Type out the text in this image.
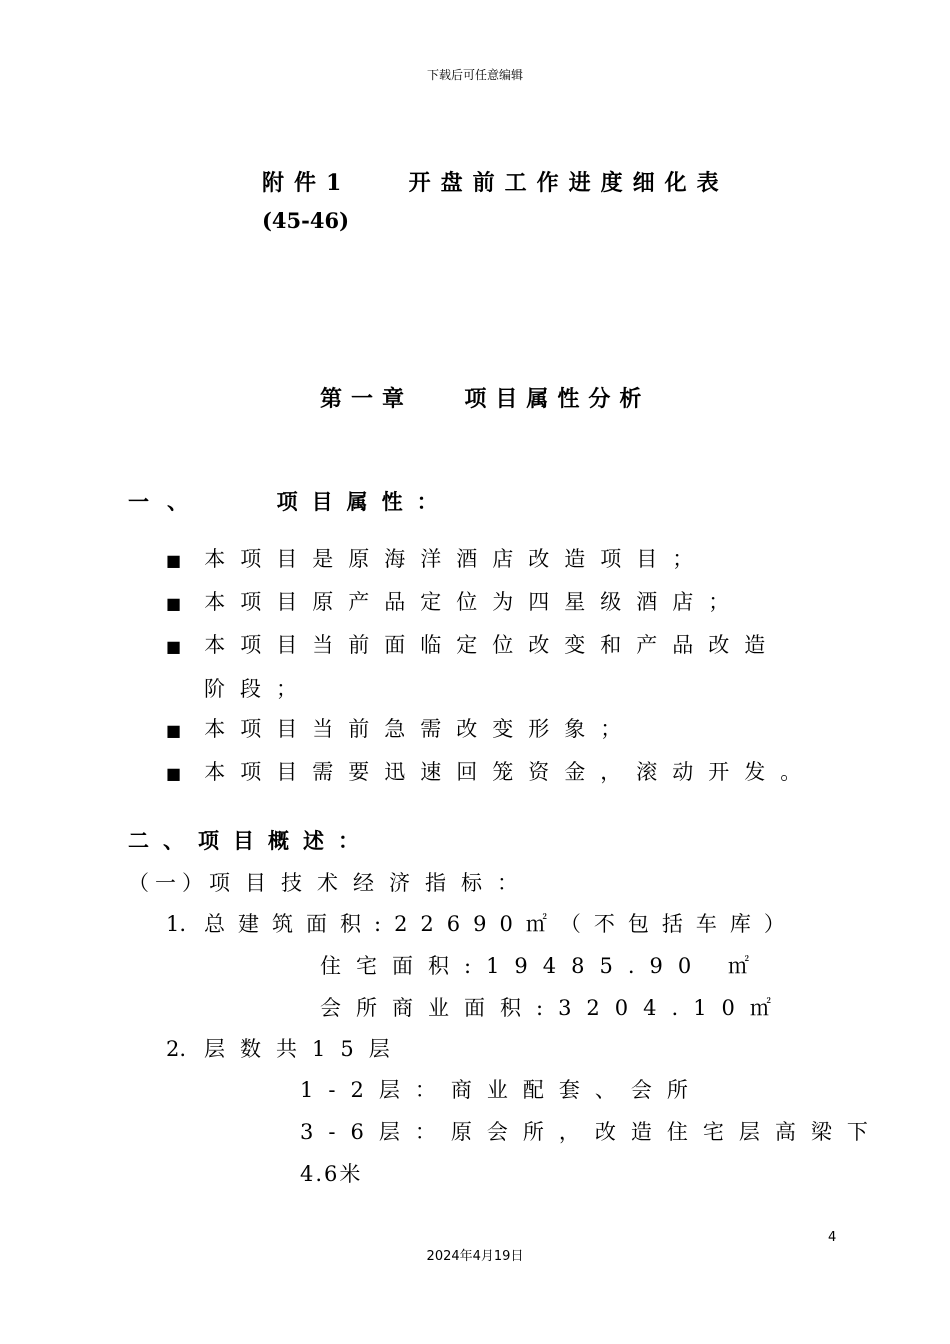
下载后可任意编辑
附件1	开盘前工作进度细化表
(45-46)
第一章 项目属性分析
一、	项目属性：
■ 本项目是原海洋酒店改造项目；
■ 本项目原产品定位为四星级酒店；
■ 本项目当前面临定位改变和产品改造
阶段；
■ 本项目当前急需改变形象；
■ 本项目需要迅速回笼资金，滚动开发。
二、项目概述：
（一）项目技术经济指标：
1. 总建筑面积:22690㎡（不包括车库）
住宅面积:19485.90 ㎡
会所商业面积:3204.10㎡
2. 层数共15层
1-2层：商业配套、会所
3-6层：原会所，改造住宅层高梁下
4.6米
4
2024年4月19日
